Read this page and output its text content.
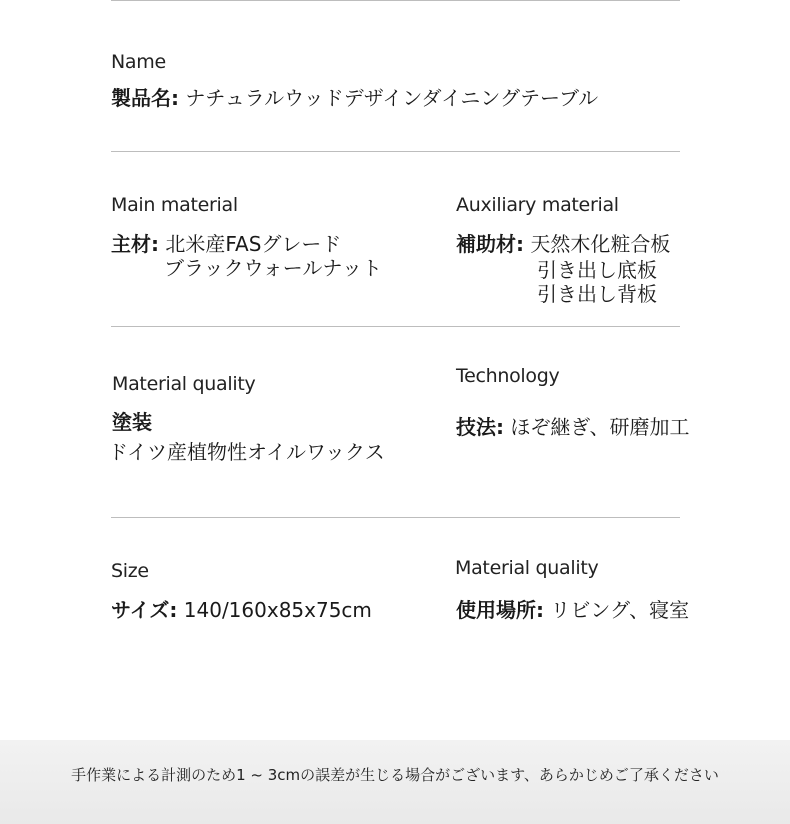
Name
製品名: ナチュラルウッドデザインダイニングテーブル
Main material
主材: 北米産FASグレード
ブラックウォールナット
Auxiliary material
補助材: 天然木化粧合板
引き出し底板
引き出し背板
Material quality
塗装
ドイツ産植物性オイルワックス
Technology
技法: ほぞ継ぎ、研磨加工
Size
サイズ: 140/160x85x75cm
Material quality
使用場所: リビング、寝室
手作業による計測のため1 ~ 3cmの誤差が生じる場合がございます、あらかじめご了承ください
